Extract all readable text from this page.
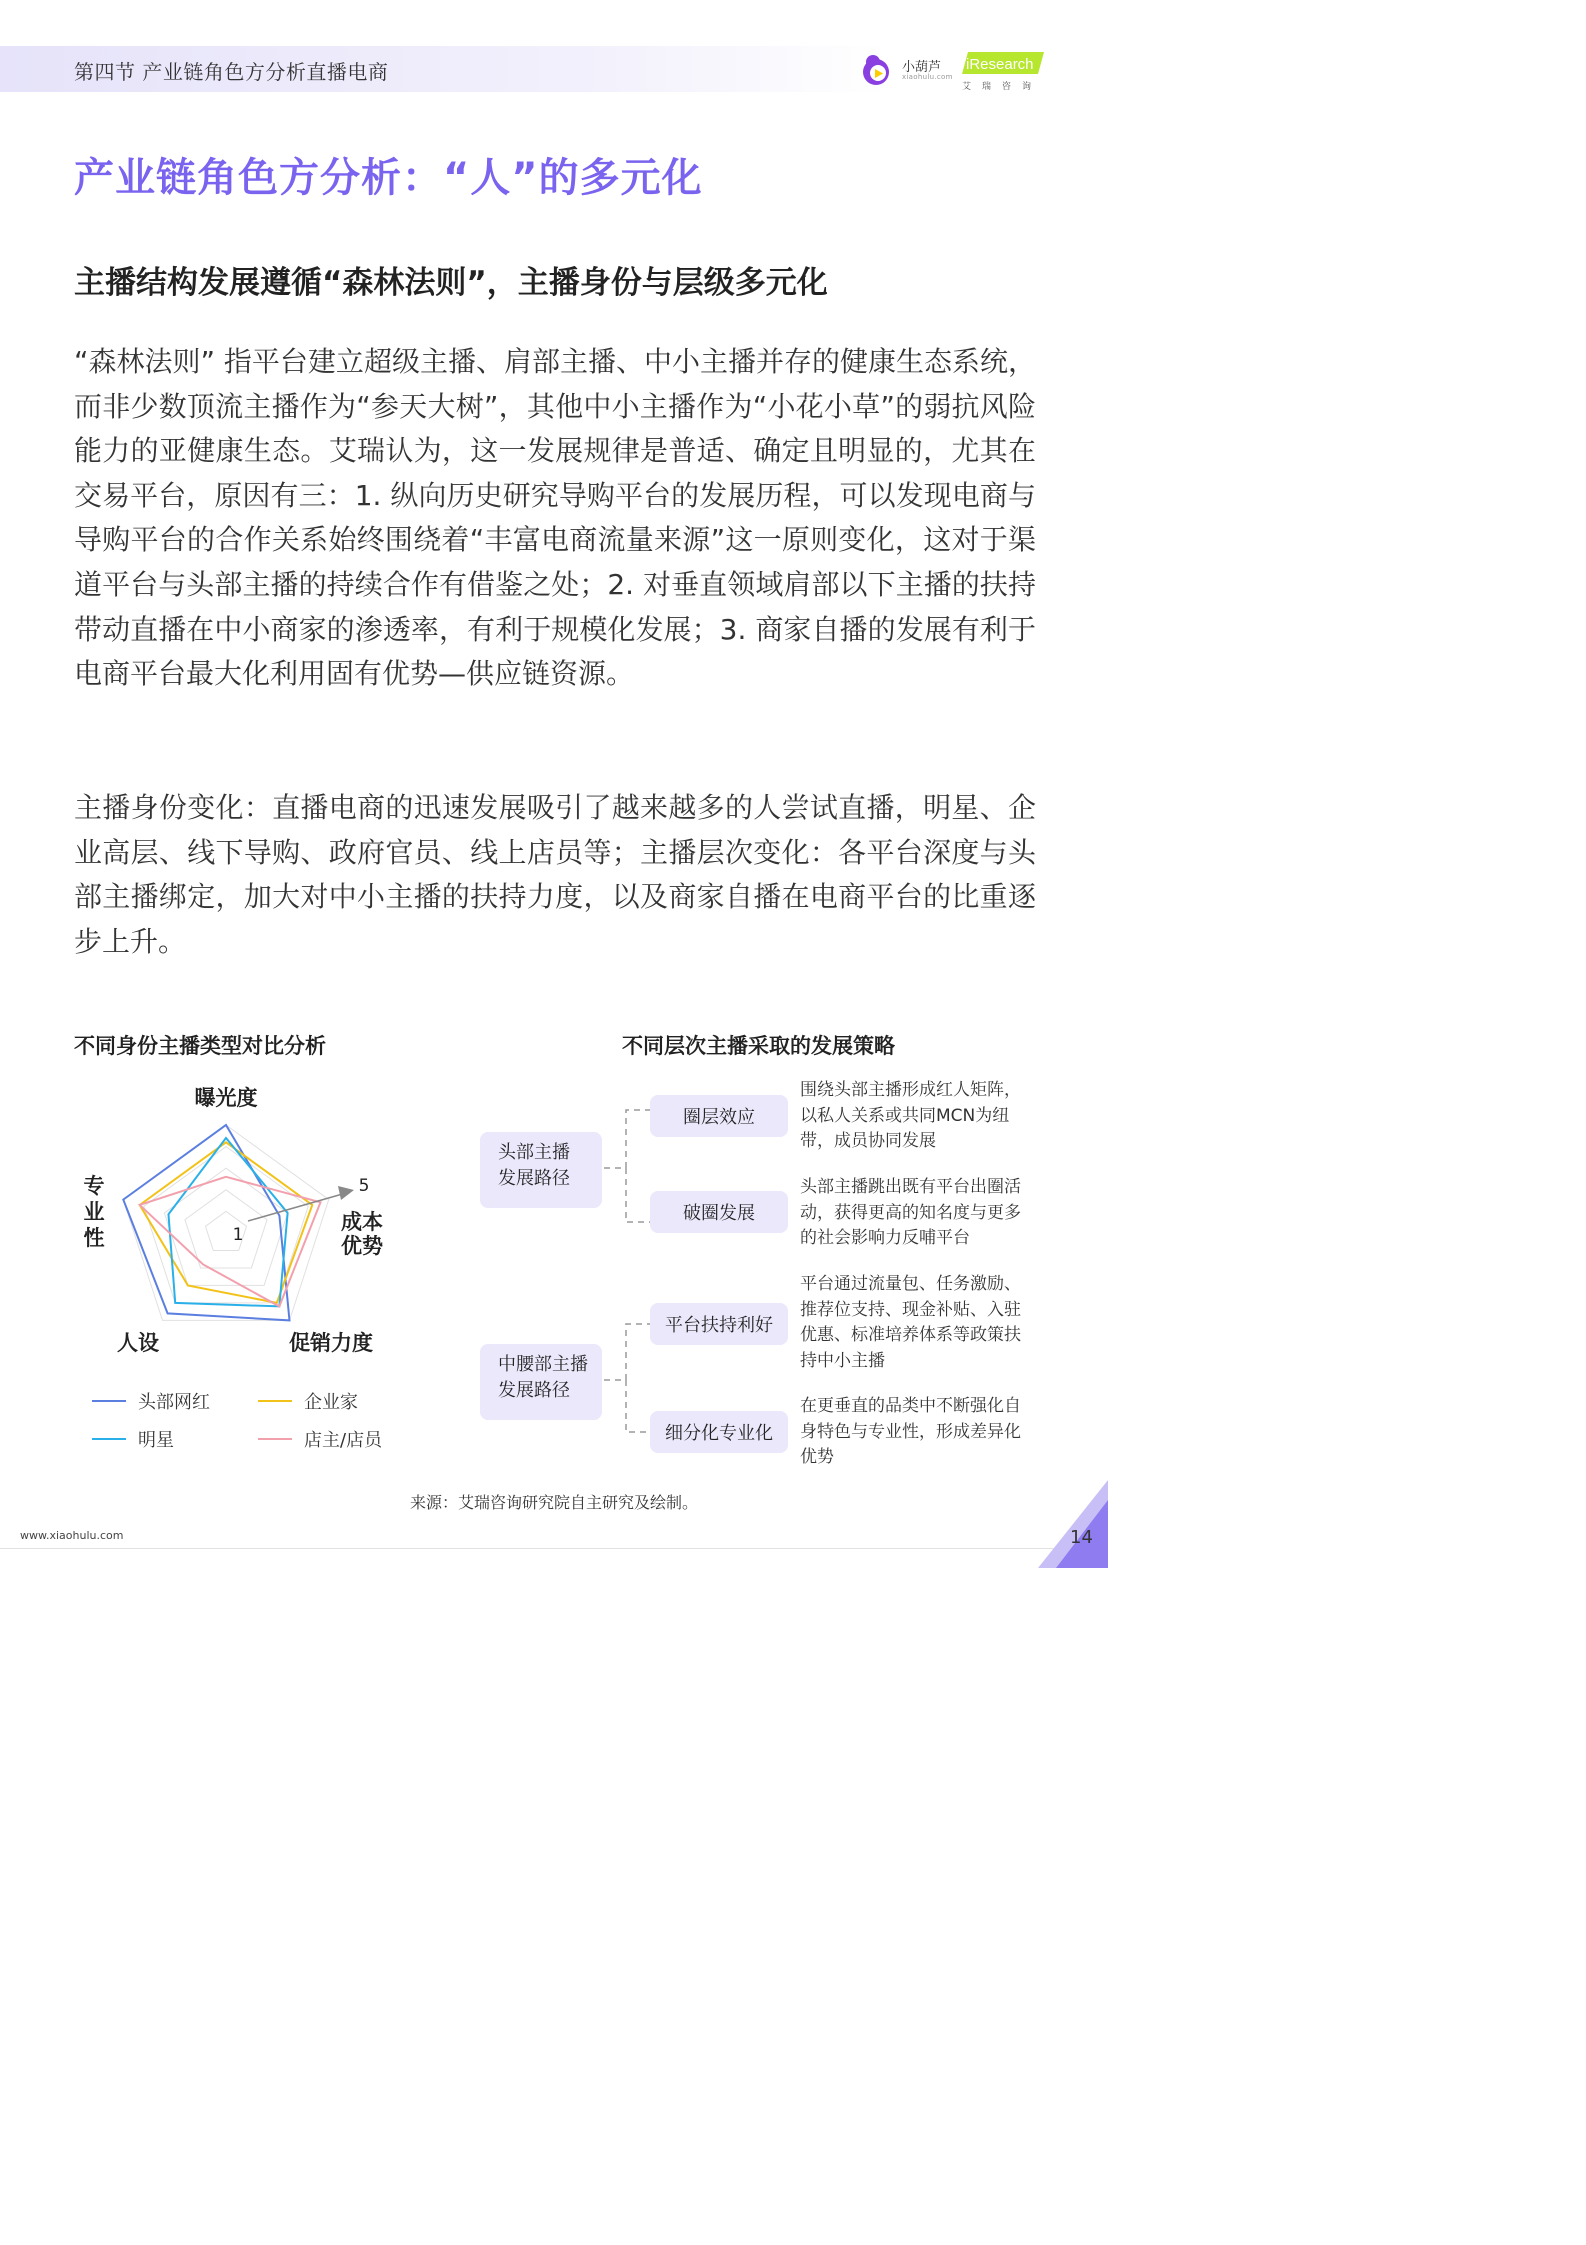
第四节 产业链角色方分析直播电商	小葫芦
xiaohulu.com
iResearch
艾瑞咨询
产业链角色方分析：“人”的多元化
主播结构发展遵循“森林法则”，主播身份与层级多元化

“森林法则” 指平台建立超级主播、肩部主播、中小主播并存的健康生态系统，而非少数顶流主播作为“参天大树”，其他中小主播作为“小花小草”的弱抗风险能力的亚健康生态。艾瑞认为，这一发展规律是普适、确定且明显的，尤其在交易平台，原因有三：1. 纵向历史研究导购平台的发展历程，可以发现电商与导购平台的合作关系始终围绕着“丰富电商流量来源”这一原则变化，这对于渠道平台与头部主播的持续合作有借鉴之处；2. 对垂直领域肩部以下主播的扶持带动直播在中小商家的渗透率，有利于规模化发展；3. 商家自播的发展有利于电商平台最大化利用固有优势—供应链资源。

主播身份变化：直播电商的迅速发展吸引了越来越多的人尝试直播，明星、企业高层、线下导购、政府官员、线上店员等；主播层次变化：各平台深度与头部主播绑定，加大对中小主播的扶持力度，以及商家自播在电商平台的比重逐步上升。

不同身份主播类型对比分析
1
5
曝光度
成本
优势
促销力度
人设
专
业
性
头部网红	企业家
明星	店主/店员
不同层次主播采取的发展策略
头部主播
发展路径
圈层效应
破圈发展
中腰部主播
发展路径
平台扶持利好
细分化专业化
围绕头部主播形成红人矩阵，以私人关系或共同MCN为纽带，成员协同发展
头部主播跳出既有平台出圈活动，获得更高的知名度与更多的社会影响力反哺平台
平台通过流量包、任务激励、推荐位支持、现金补贴、入驻优惠、标准培养体系等政策扶持中小主播
在更垂直的品类中不断强化自身特色与专业性，形成差异化优势
来源：艾瑞咨询研究院自主研究及绘制。
www.xiaohulu.com	14
